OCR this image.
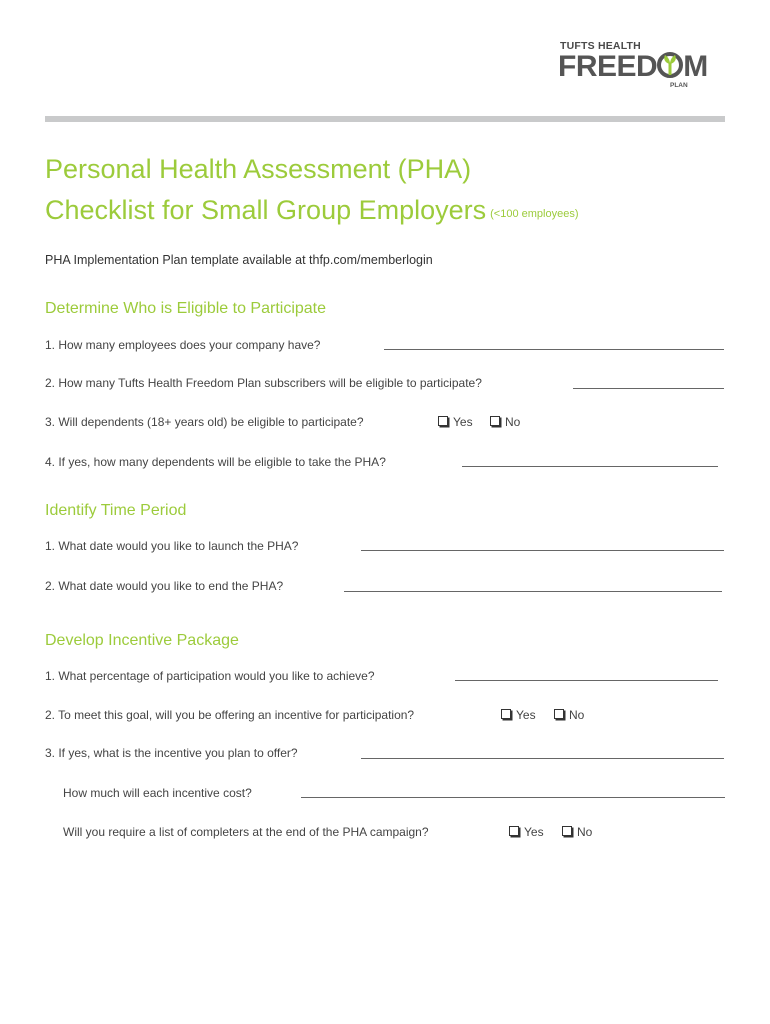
TUFTS HEALTH
FREED M
PLAN
Personal Health Assessment (PHA)
Checklist for Small Group Employers (<100 employees)
PHA Implementation Plan template available at thfp.com/memberlogin
Determine Who is Eligible to Participate
1. How many employees does your company have?
2. How many Tufts Health Freedom Plan subscribers will be eligible to participate?
3. Will dependents (18+ years old) be eligible to participate?	Yes	No
4. If yes, how many dependents will be eligible to take the PHA?
Identify Time Period
1. What date would you like to launch the PHA?
2. What date would you like to end the PHA?
Develop Incentive Package
1. What percentage of participation would you like to achieve?
2. To meet this goal, will you be offering an incentive for participation?	Yes	No
3. If yes, what is the incentive you plan to offer?
How much will each incentive cost?
Will you require a list of completers at the end of the PHA campaign?	Yes	No
